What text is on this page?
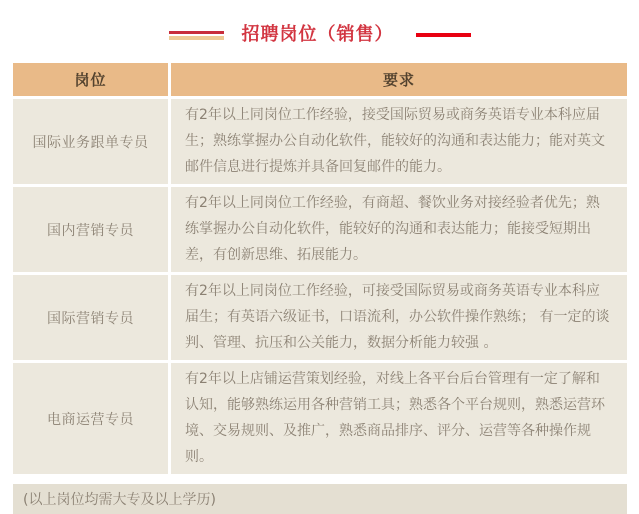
招聘岗位（销售）
岗位	要求
国际业务跟单专员
有2年以上同岗位工作经验，接受国际贸易或商务英语专业本科应届生；熟练掌握办公自动化软件，能较好的沟通和表达能力；能对英文邮件信息进行提炼并具备回复邮件的能力。
国内营销专员
有2年以上同岗位工作经验，有商超、餐饮业务对接经验者优先；熟练掌握办公自动化软件，能较好的沟通和表达能力；能接受短期出差，有创新思维、拓展能力。
国际营销专员
有2年以上同岗位工作经验，可接受国际贸易或商务英语专业本科应届生；有英语六级证书，口语流利，办公软件操作熟练； 有一定的谈判、管理、抗压和公关能力，数据分析能力较强 。
电商运营专员
有2年以上店铺运营策划经验，对线上各平台后台管理有一定了解和认知，能够熟练运用各种营销工具；熟悉各个平台规则，熟悉运营环境、交易规则、及推广，熟悉商品排序、评分、运营等各种操作规则。
(以上岗位均需大专及以上学历)
